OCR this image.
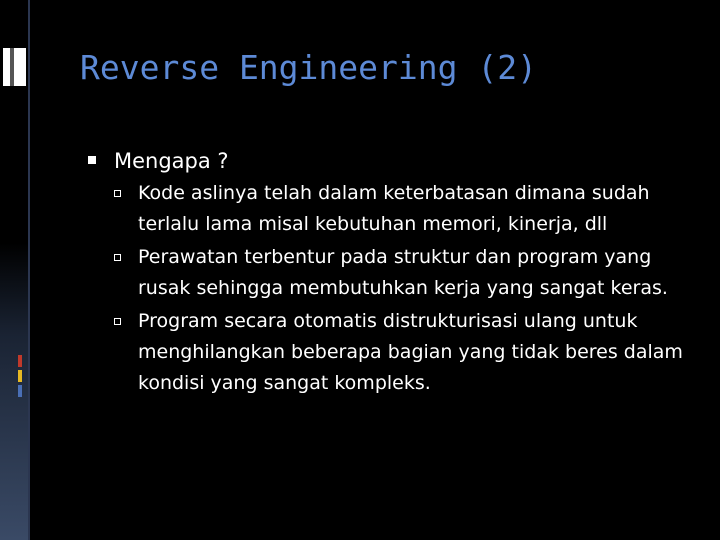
Reverse Engineering (2)
Mengapa ?
Kode aslinya telah dalam keterbatasan dimana sudah terlalu lama misal kebutuhan memori, kinerja, dll
Perawatan terbentur pada struktur dan program yang rusak sehingga membutuhkan kerja yang sangat keras.
Program secara otomatis distrukturisasi ulang untuk menghilangkan beberapa bagian yang tidak beres dalam kondisi yang sangat kompleks.
